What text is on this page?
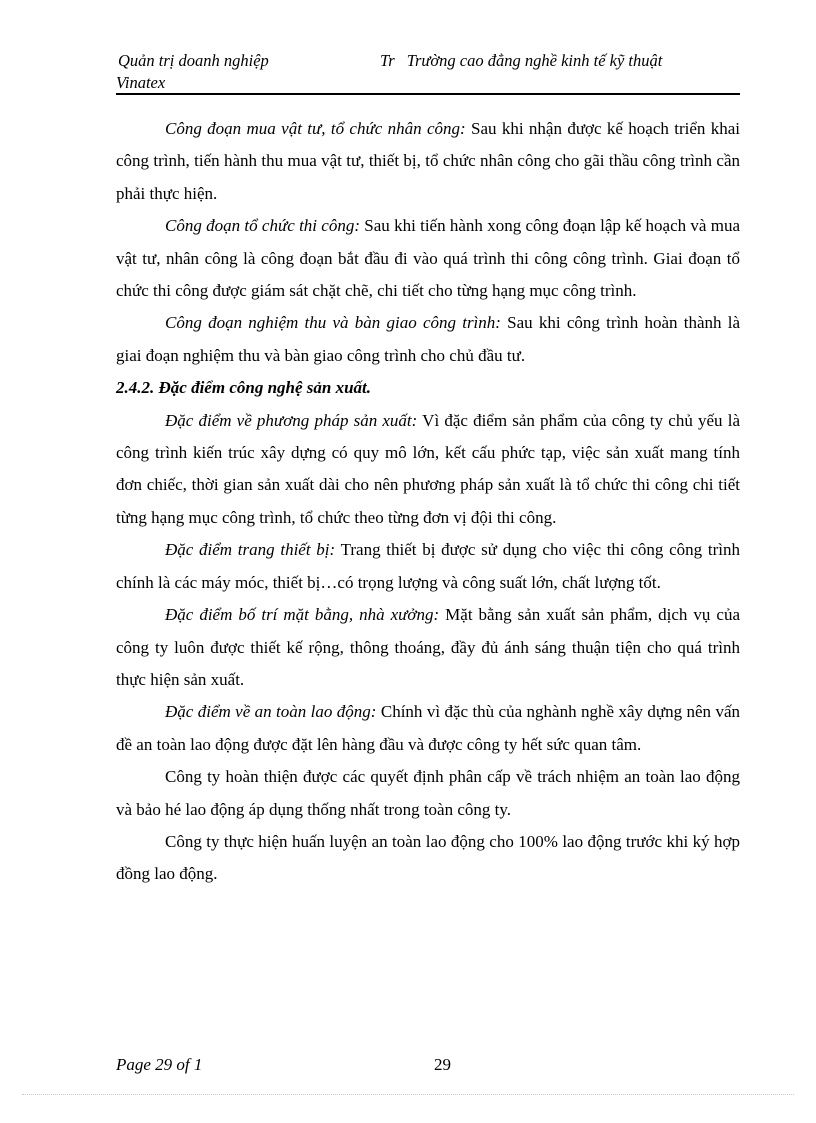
Quản trị doanh nghiệp
Vinatex
Tr Trường cao đẳng nghề kinh tế kỹ thuật

Công đoạn mua vật tư, tổ chức nhân công: Sau khi nhận được kế hoạch triển khai công trình, tiến hành thu mua vật tư, thiết bị, tổ chức nhân công cho gãi thầu công trình cần phải thực hiện.

Công đoạn tổ chức thi công: Sau khi tiến hành xong công đoạn lập kế hoạch và mua vật tư, nhân công là công đoạn bắt đầu đi vào quá trình thi công công trình. Giai đoạn tổ chức thi công được giám sát chặt chẽ, chi tiết cho từng hạng mục công trình.

Công đoạn nghiệm thu và bàn giao công trình: Sau khi công trình hoàn thành là giai đoạn nghiệm thu và bàn giao công trình cho chủ đầu tư.

2.4.2. Đặc điểm công nghệ sản xuất.

Đặc điểm về phương pháp sản xuất: Vì đặc điểm sản phẩm của công ty chủ yếu là công trình kiến trúc xây dựng có quy mô lớn, kết cấu phức tạp, việc sản xuất mang tính đơn chiếc, thời gian sản xuất dài cho nên phương pháp sản xuất là tổ chức thi công chi tiết từng hạng mục công trình, tổ chức theo từng đơn vị đội thi công.

Đặc điểm trang thiết bị: Trang thiết bị được sử dụng cho việc thi công công trình chính là các máy móc, thiết bị…có trọng lượng và công suất lớn, chất lượng tốt.

Đặc điểm bố trí mặt bằng, nhà xưởng: Mặt bằng sản xuất sản phẩm, dịch vụ của công ty luôn được thiết kế rộng, thông thoáng, đầy đủ ánh sáng thuận tiện cho quá trình thực hiện sản xuất.

Đặc điểm về an toàn lao động: Chính vì đặc thù của nghành nghề xây dựng nên vấn đề an toàn lao động được đặt lên hàng đầu và được công ty hết sức quan tâm.

Công ty hoàn thiện được các quyết định phân cấp về trách nhiệm an toàn lao động và bảo hé lao động áp dụng thống nhất trong toàn công ty.

Công ty thực hiện huấn luyện an toàn lao động cho 100% lao động trước khi ký hợp đồng lao động.

Page 29 of 1	29
